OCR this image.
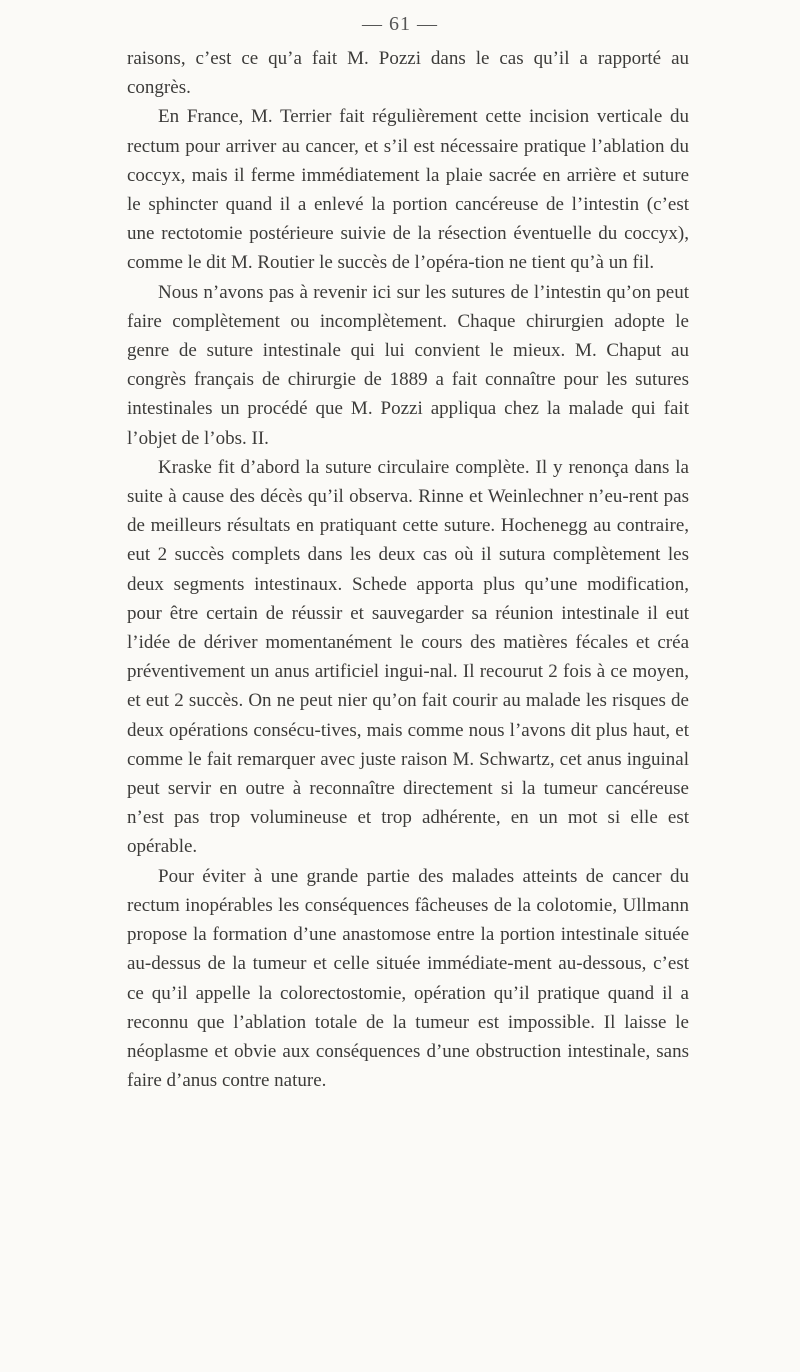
— 61 —

raisons, c’est ce qu’a fait M. Pozzi dans le cas qu’il a rapporté au congrès.

En France, M. Terrier fait régulièrement cette incision verticale du rectum pour arriver au cancer, et s’il est nécessaire pratique l’ablation du coccyx, mais il ferme immédiatement la plaie sacrée en arrière et suture le sphincter quand il a enlevé la portion cancéreuse de l’intestin (c’est une rectotomie postérieure suivie de la résection éventuelle du coccyx), comme le dit M. Routier le succès de l’opéra-tion ne tient qu’à un fil.

Nous n’avons pas à revenir ici sur les sutures de l’intestin qu’on peut faire complètement ou incomplètement. Chaque chirurgien adopte le genre de suture intestinale qui lui convient le mieux. M. Chaput au congrès français de chirurgie de 1889 a fait connaître pour les sutures intestinales un procédé que M. Pozzi appliqua chez la malade qui fait l’objet de l’obs. II.

Kraske fit d’abord la suture circulaire complète. Il y renonça dans la suite à cause des décès qu’il observa. Rinne et Weinlechner n’eu-rent pas de meilleurs résultats en pratiquant cette suture. Hochenegg au contraire, eut 2 succès complets dans les deux cas où il sutura complètement les deux segments intestinaux. Schede apporta plus qu’une modification, pour être certain de réussir et sauvegarder sa réunion intestinale il eut l’idée de dériver momentanément le cours des matières fécales et créa préventivement un anus artificiel ingui-nal. Il recourut 2 fois à ce moyen, et eut 2 succès. On ne peut nier qu’on fait courir au malade les risques de deux opérations consécu-tives, mais comme nous l’avons dit plus haut, et comme le fait remarquer avec juste raison M. Schwartz, cet anus inguinal peut servir en outre à reconnaître directement si la tumeur cancéreuse n’est pas trop volumineuse et trop adhérente, en un mot si elle est opérable.

Pour éviter à une grande partie des malades atteints de cancer du rectum inopérables les conséquences fâcheuses de la colotomie, Ullmann propose la formation d’une anastomose entre la portion intestinale située au-dessus de la tumeur et celle située immédiate-ment au-dessous, c’est ce qu’il appelle la colorectostomie, opération qu’il pratique quand il a reconnu que l’ablation totale de la tumeur est impossible. Il laisse le néoplasme et obvie aux conséquences d’une obstruction intestinale, sans faire d’anus contre nature.
